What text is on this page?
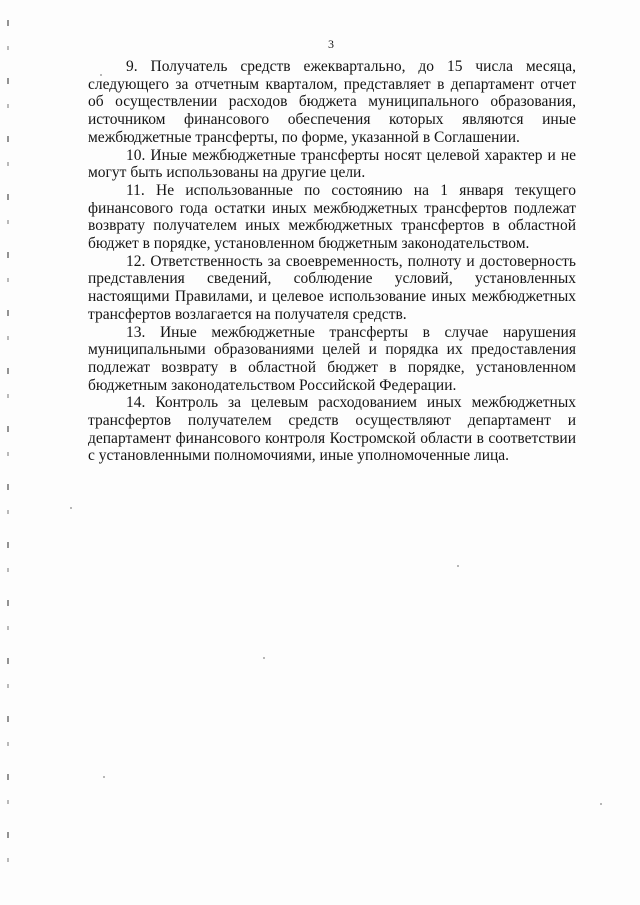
3

9. Получатель средств ежеквартально, до 15 числа месяца, следующего за отчетным кварталом, представляет в департамент отчет об осуществлении расходов бюджета муниципального образования, источником финансового обеспечения которых являются иные межбюджетные трансферты, по форме, указанной в Соглашении.

10. Иные межбюджетные трансферты носят целевой характер и не могут быть использованы на другие цели.

11. Не использованные по состоянию на 1 января текущего финансового года остатки иных межбюджетных трансфертов подлежат возврату получателем иных межбюджетных трансфертов в областной бюджет в порядке, установленном бюджетным законодательством.

12. Ответственность за своевременность, полноту и достоверность представления сведений, соблюдение условий, установленных настоящими Правилами, и целевое использование иных межбюджетных трансфертов возлагается на получателя средств.

13. Иные межбюджетные трансферты в случае нарушения муниципальными образованиями целей и порядка их предоставления подлежат возврату в областной бюджет в порядке, установленном бюджетным законодательством Российской Федерации.

14. Контроль за целевым расходованием иных межбюджетных трансфертов получателем средств осуществляют департамент и департамент финансового контроля Костромской области в соответствии с установленными полномочиями, иные уполномоченные лица.
